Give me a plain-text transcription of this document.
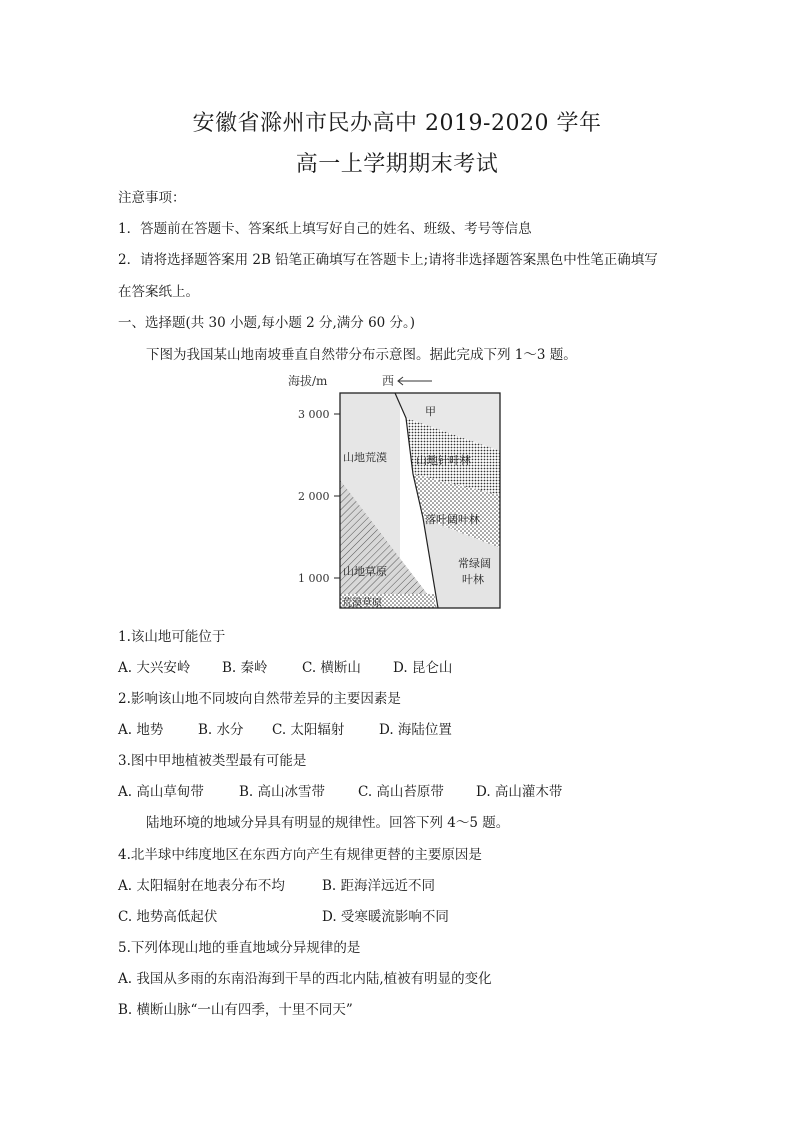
安徽省滁州市民办高中 2019-2020 学年
高一上学期期末考试
注意事项：
1．答题前在答题卡、答案纸上填写好自己的姓名、班级、考号等信息
2．请将选择题答案用 2B 铅笔正确填写在答题卡上;请将非选择题答案黑色中性笔正确填写
在答案纸上。
一、选择题(共 30 小题,每小题 2 分,满分 60 分。)
下图为我国某山地南坡垂直自然带分布示意图。据此完成下列 1～3 题。
海拔/m	西
3 000
2 000
1 000
甲
山地荒漠	山地针叶林
落叶阔叶林
山地草原
常绿阔
叶林
荒漠草原
1.该山地可能位于
A. 大兴安岭 B. 秦岭	C. 横断山 D. 昆仑山
2.影响该山地不同坡向自然带差异的主要因素是
A. 地势	B. 水分 C. 太阳辐射	D. 海陆位置
3.图中甲地植被类型最有可能是
A. 高山草甸带	B. 高山冰雪带 C. 高山苔原带 D. 高山灌木带
陆地环境的地域分异具有明显的规律性。回答下列 4～5 题。
4.北半球中纬度地区在东西方向产生有规律更替的主要原因是
A. 太阳辐射在地表分布不均	B. 距海洋远近不同
C. 地势高低起伏	D. 受寒暖流影响不同
5.下列体现山地的垂直地域分异规律的是
A. 我国从多雨的东南沿海到干旱的西北内陆,植被有明显的变化
B. 横断山脉“一山有四季，十里不同天”
